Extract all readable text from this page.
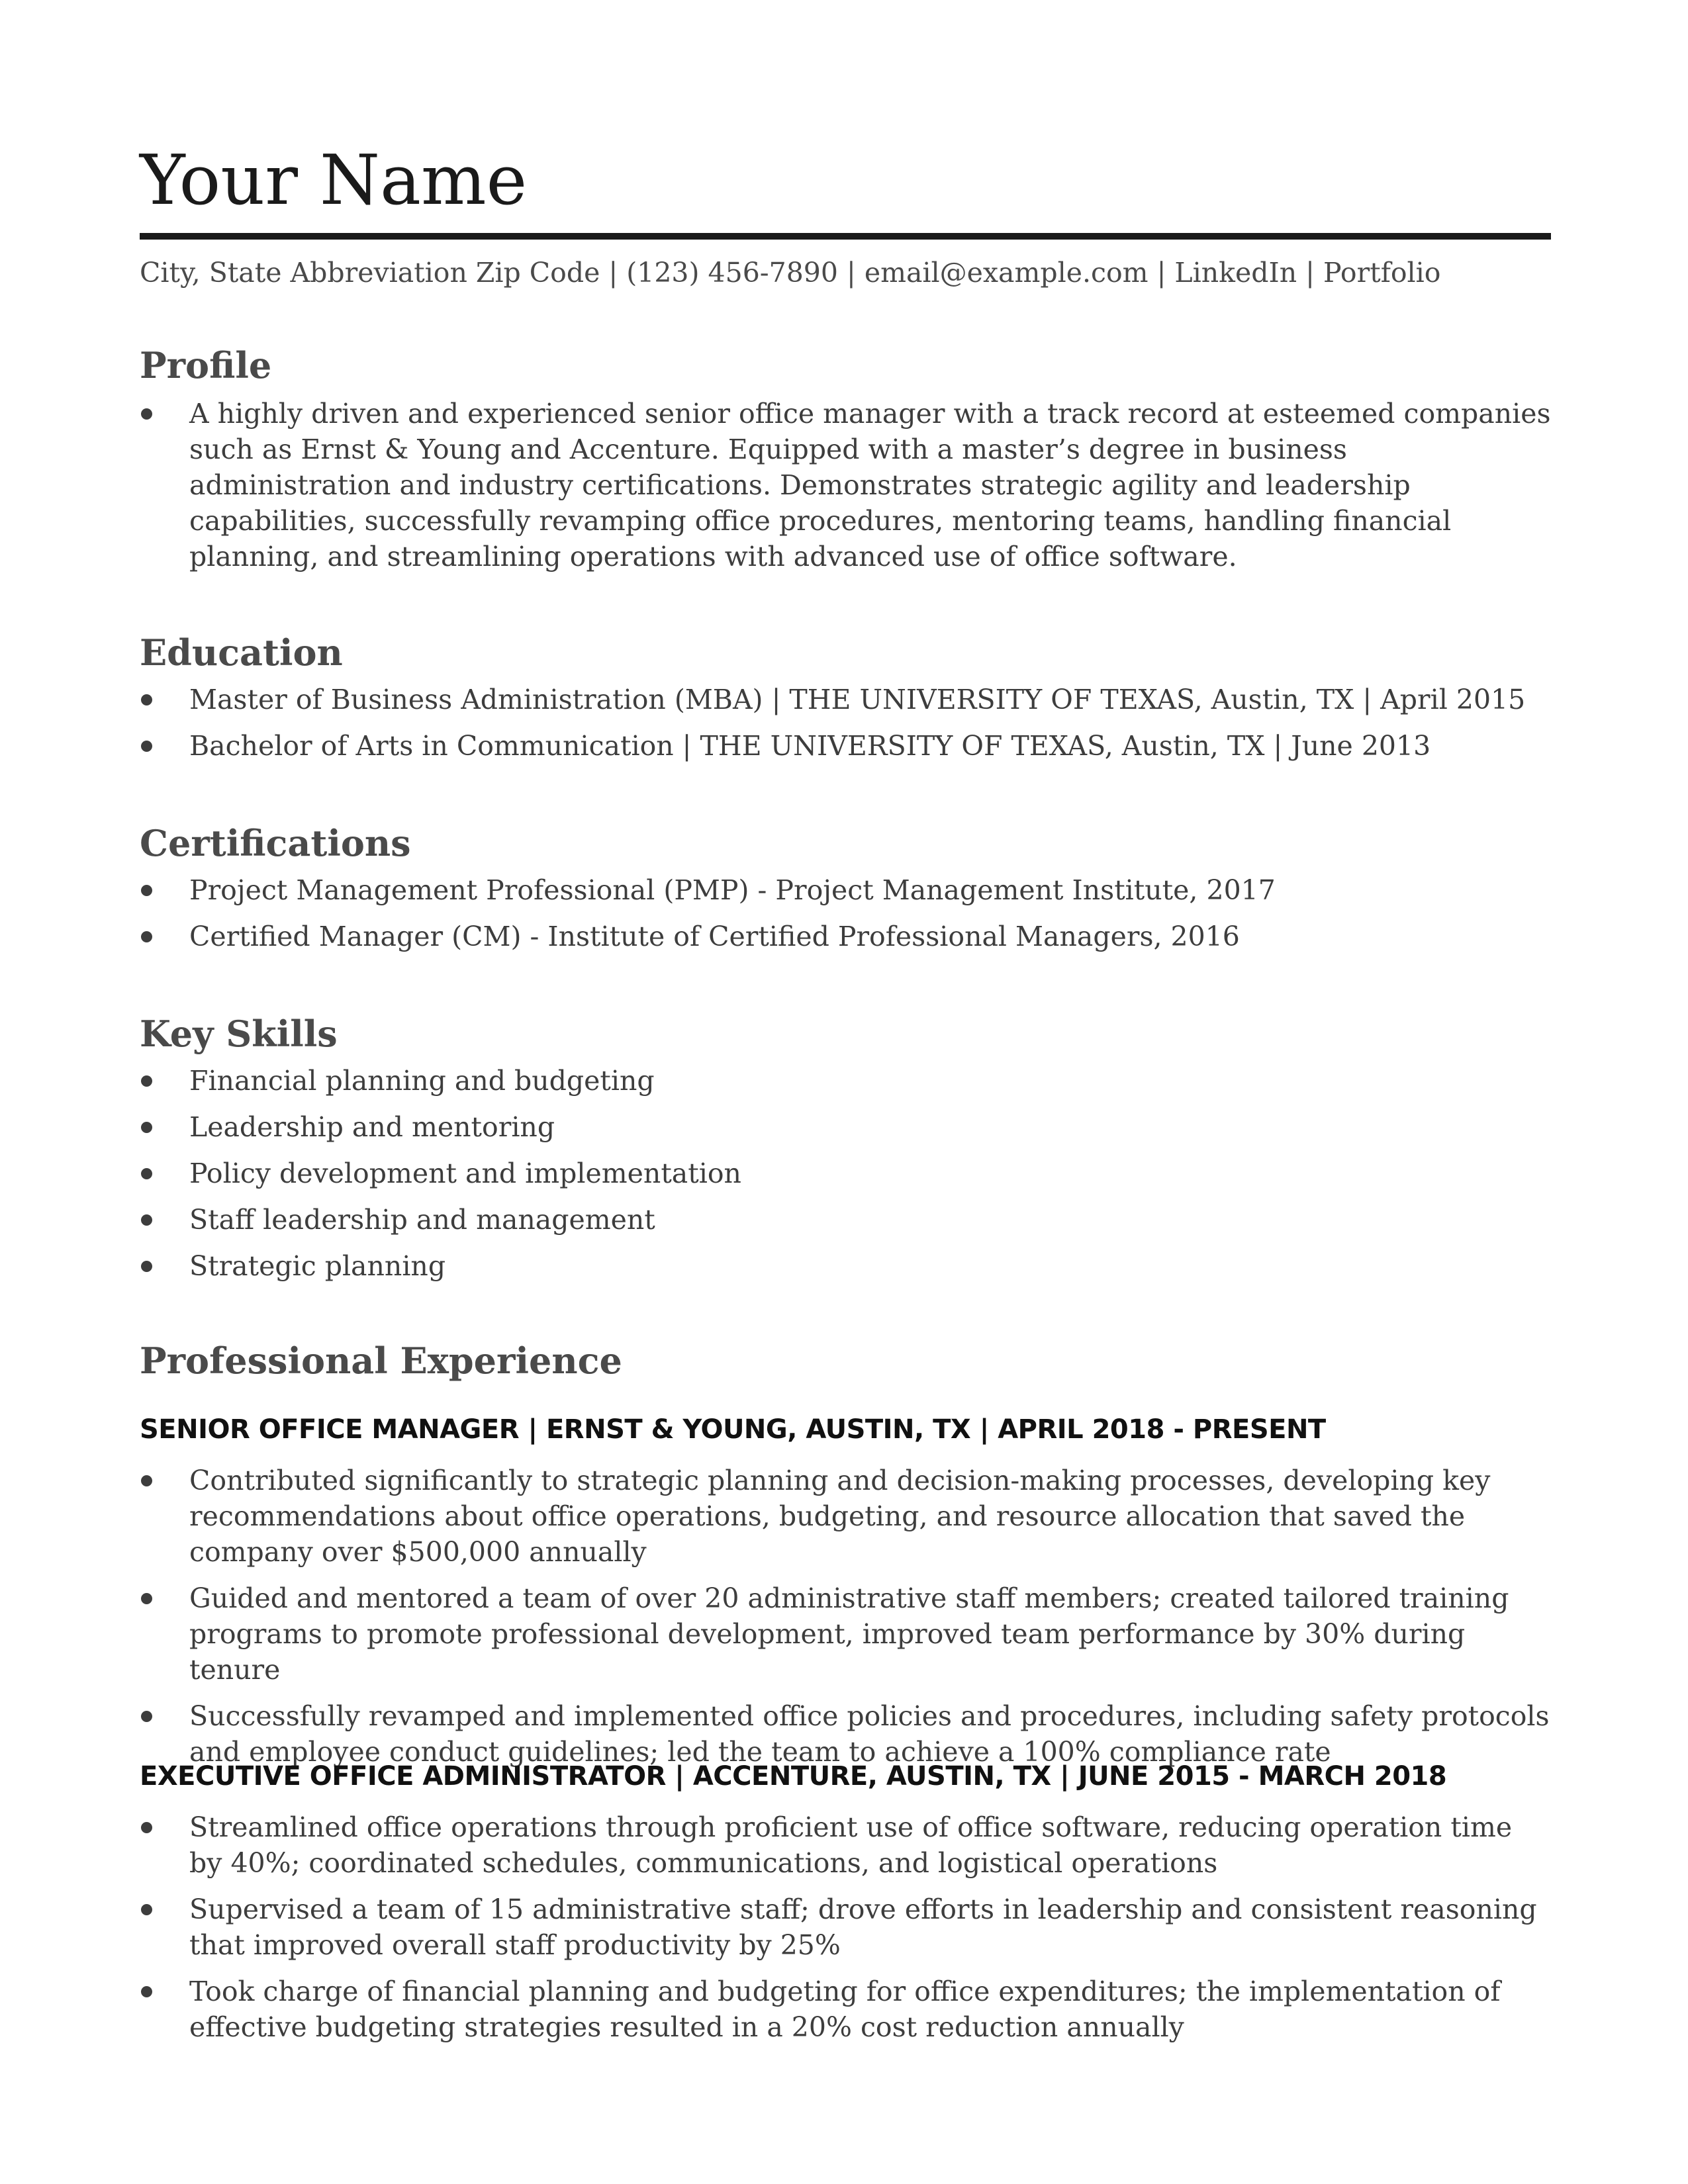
Your Name
City, State Abbreviation Zip Code | (123) 456-7890 | email@example.com | LinkedIn | Portfolio
Profile
A highly driven and experienced senior office manager with a track record at esteemed companies such as Ernst & Young and Accenture. Equipped with a master’s degree in business administration and industry certifications. Demonstrates strategic agility and leadership capabilities, successfully revamping office procedures, mentoring teams, handling financial planning, and streamlining operations with advanced use of office software.
Education
Master of Business Administration (MBA) | THE UNIVERSITY OF TEXAS, Austin, TX | April 2015
Bachelor of Arts in Communication | THE UNIVERSITY OF TEXAS, Austin, TX | June 2013
Certifications
Project Management Professional (PMP) - Project Management Institute, 2017
Certified Manager (CM) - Institute of Certified Professional Managers, 2016
Key Skills
Financial planning and budgeting
Leadership and mentoring
Policy development and implementation
Staff leadership and management
Strategic planning
Professional Experience
SENIOR OFFICE MANAGER | ERNST & YOUNG, AUSTIN, TX | APRIL 2018 - PRESENT
Contributed significantly to strategic planning and decision-making processes, developing key recommendations about office operations, budgeting, and resource allocation that saved the company over $500,000 annually
Guided and mentored a team of over 20 administrative staff members; created tailored training programs to promote professional development, improved team performance by 30% during tenure
Successfully revamped and implemented office policies and procedures, including safety protocols and employee conduct guidelines; led the team to achieve a 100% compliance rate
EXECUTIVE OFFICE ADMINISTRATOR | ACCENTURE, AUSTIN, TX | JUNE 2015 - MARCH 2018
Streamlined office operations through proficient use of office software, reducing operation time by 40%; coordinated schedules, communications, and logistical operations
Supervised a team of 15 administrative staff; drove efforts in leadership and consistent reasoning that improved overall staff productivity by 25%
Took charge of financial planning and budgeting for office expenditures; the implementation of effective budgeting strategies resulted in a 20% cost reduction annually
